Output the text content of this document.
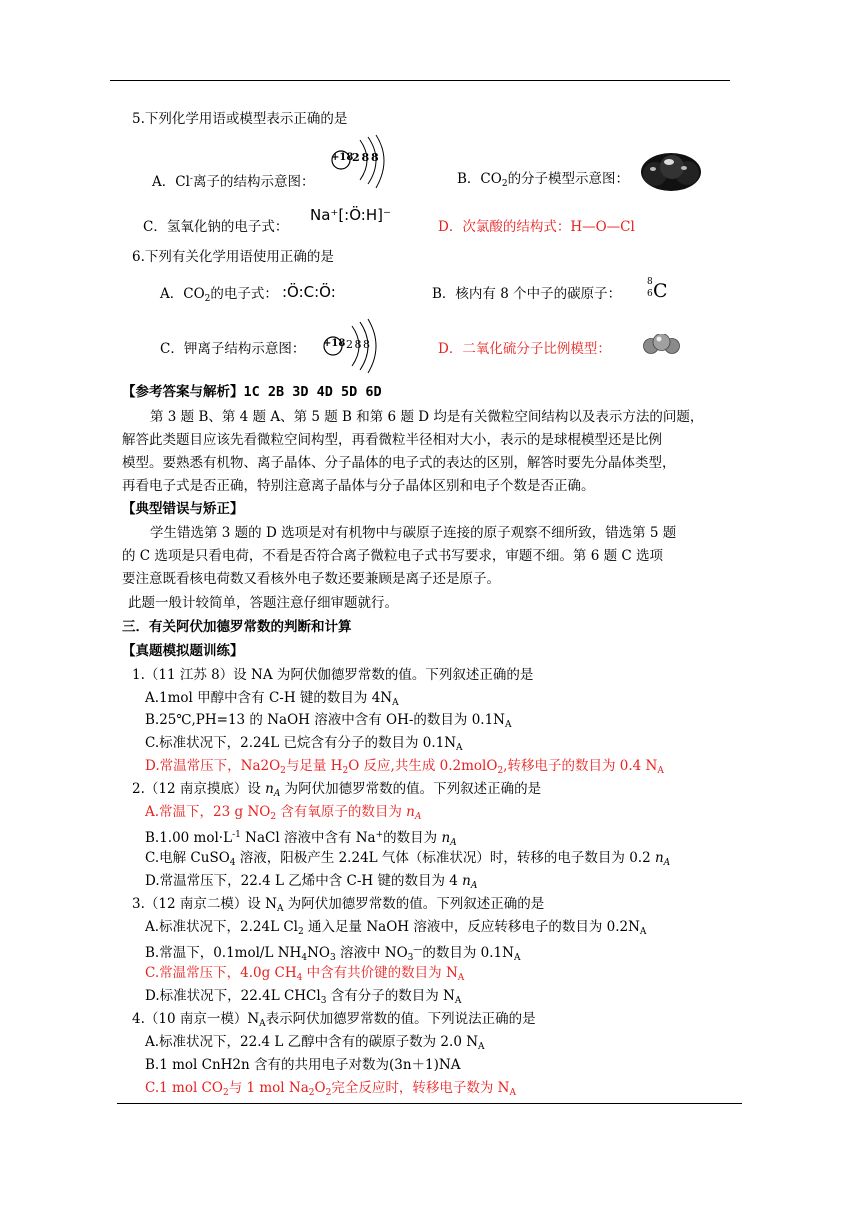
5.下列化学用语或模型表示正确的是
A．Cl-离子的结构示意图：
+18
2 8 8
B．$CO_2$的分子模型示意图：
C．氢氧化钠的电子式：
Na⁺[:Ö:H]⁻
D．次氯酸的结构式：H—O—Cl
6.下列有关化学用语使用正确的是
A．$CO_2$的电子式： :Ö:C:Ö:	B．核内有 8 个中子的碳原子：
8
6 C
C．钾离子结构示意图： +18 2 8 8	D．二氧化硫分子比例模型：
【参考答案与解析】1C 2B 3D 4D 5D 6D
第 3 题 B、第 4 题 A、第 5 题 B 和第 6 题 D 均是有关微粒空间结构以及表示方法的问题，
解答此类题目应该先看微粒空间构型，再看微粒半径相对大小，表示的是球棍模型还是比例
模型。要熟悉有机物、离子晶体、分子晶体的电子式的表达的区别，解答时要先分晶体类型，
再看电子式是否正确，特别注意离子晶体与分子晶体区别和电子个数是否正确。
【典型错误与矫正】
学生错选第 3 题的 D 选项是对有机物中与碳原子连接的原子观察不细所致，错选第 5 题
的 C 选项是只看电荷，不看是否符合离子微粒电子式书写要求，审题不细。第 6 题 C 选项
要注意既看核电荷数又看核外电子数还要兼顾是离子还是原子。
此题一般计较简单，答题注意仔细审题就行。
三．有关阿伏加德罗常数的判断和计算
【真题模拟题训练】
1.（11 江苏 8）设 NA 为阿伏伽德罗常数的值。下列叙述正确的是
A.1mol 甲醇中含有 C-H 键的数目为 $4N_A$
B.25℃,PH=13 的 NaOH 溶液中含有 OH-的数目为 $0.1N_A$
C.标准状况下，2.24L 已烷含有分子的数目为 $0.1N_A$
D.常温常压下，$Na2O_2$与足量 $H_2O$ 反应,共生成 0.2molO$_2$,转移电子的数目为 0.4 $N_A$
2.（12 南京摸底）设 $n_A$ 为阿伏加德罗常数的值。下列叙述正确的是
A.常温下，23 g $NO_2$ 含有氧原子的数目为 $n_A$
B.1.00 $mol\cdot L^{-1}$ NaCl 溶液中含有 Na+的数目为 $n_A$
C.电解 CuSO$_4$ 溶液，阳极产生 2.24L 气体（标准状况）时，转移的电子数目为 0.2 $n_A$
D.常温常压下，22.4 L 乙烯中含 C-H 键的数目为 4 $n_A$
3.（12 南京二模）设 $N_A$ 为阿伏加德罗常数的值。下列叙述正确的是
A.标准状况下，2.24L $Cl_2$ 通入足量 NaOH 溶液中，反应转移电子的数目为 $0.2N_A$
B.常温下，0.1mol/L $NH_4NO_3$ 溶液中 $NO_3^—$的数目为 $0.1N_A$
C.常温常压下，4.0g $CH_4$ 中含有共价键的数目为 $N_A$
D.标准状况下，22.4L CHCl$_3$ 含有分子的数目为 $N_A$
4.（10 南京一模）$N_A$表示阿伏加德罗常数的值。下列说法正确的是
A.标准状况下，22.4 L 乙醇中含有的碳原子数为 2.0 $N_A$
B.1 mol CnH2n 含有的共用电子对数为(3n＋1)NA
C.1 mol $CO_2$与 1 mol $Na_2O_2$完全反应时，转移电子数为 $N_A$
